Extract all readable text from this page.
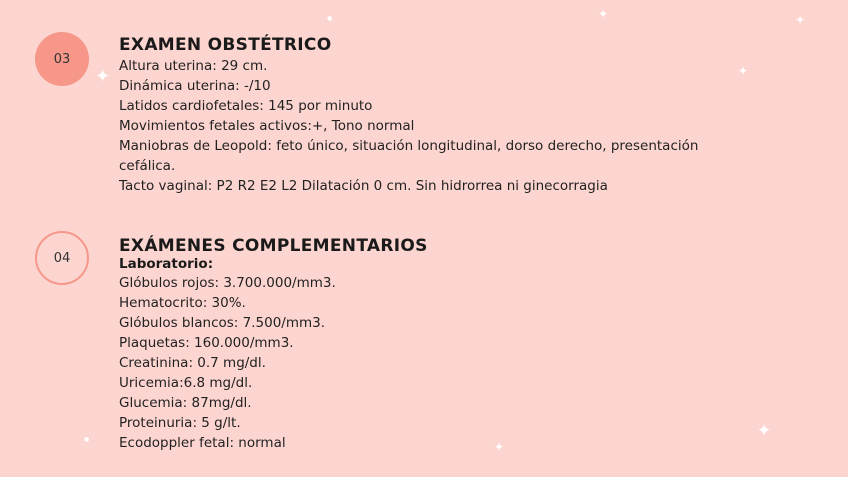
✦
✦	✦
✦
●
✦
✦
●
03
EXAMEN OBSTÉTRICO
Altura uterina: 29 cm.
Dinámica uterina: -/10
Latidos cardiofetales: 145 por minuto
Movimientos fetales activos:+, Tono normal
Maniobras de Leopold: feto único, situación longitudinal, dorso derecho, presentación
cefálica.
Tacto vaginal: P2 R2 E2 L2 Dilatación 0 cm. Sin hidrorrea ni ginecorragia
04
EXÁMENES COMPLEMENTARIOS
Laboratorio:
Glóbulos rojos: 3.700.000/mm3.
Hematocrito: 30%.
Glóbulos blancos: 7.500/mm3.
Plaquetas: 160.000/mm3.
Creatinina: 0.7 mg/dl.
Uricemia:6.8 mg/dl.
Glucemia: 87mg/dl.
Proteinuria: 5 g/lt.
Ecodoppler fetal: normal
